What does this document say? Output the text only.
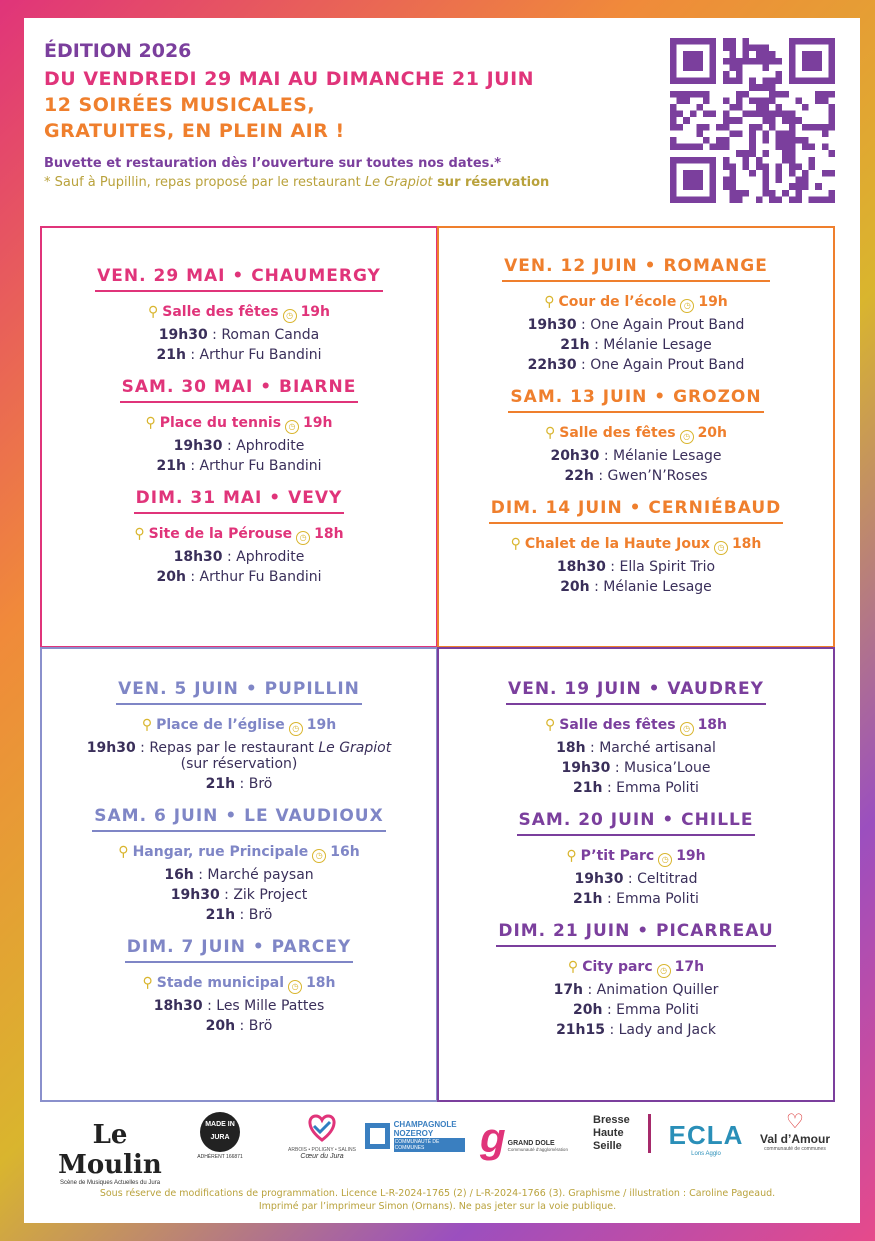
ÉDITION 2026
DU VENDREDI 29 MAI AU DIMANCHE 21 JUIN
12 SOIRÉES MUSICALES,
GRATUITES, EN PLEIN AIR !
Buvette et restauration dès l’ouverture sur toutes nos dates.*
* Sauf à Pupillin, repas proposé par le restaurant Le Grapiot sur réservation
VEN. 29 MAI • CHAUMERGY
⚲ Salle des fêtes ◷ 19h
19h30 : Roman Canda
21h : Arthur Fu Bandini
SAM. 30 MAI • BIARNE
⚲ Place du tennis ◷ 19h
19h30 : Aphrodite
21h : Arthur Fu Bandini
DIM. 31 MAI • VEVY
⚲ Site de la Pérouse ◷ 18h
18h30 : Aphrodite
20h : Arthur Fu Bandini
VEN. 12 JUIN • ROMANGE
⚲ Cour de l’école ◷ 19h
19h30 : One Again Prout Band
21h : Mélanie Lesage
22h30 : One Again Prout Band
SAM. 13 JUIN • GROZON
⚲ Salle des fêtes ◷ 20h
20h30 : Mélanie Lesage
22h : Gwen’N’Roses
DIM. 14 JUIN • CERNIÉBAUD
⚲ Chalet de la Haute Joux ◷ 18h
18h30 : Ella Spirit Trio
20h : Mélanie Lesage
VEN. 5 JUIN • PUPILLIN
⚲ Place de l’église ◷ 19h
19h30 : Repas par le restaurant Le Grapiot
(sur réservation)
21h : Brö
SAM. 6 JUIN • LE VAUDIOUX
⚲ Hangar, rue Principale ◷ 16h
16h : Marché paysan
19h30 : Zik Project
21h : Brö
DIM. 7 JUIN • PARCEY
⚲ Stade municipal ◷ 18h
18h30 : Les Mille Pattes
20h : Brö
VEN. 19 JUIN • VAUDREY
⚲ Salle des fêtes ◷ 18h
18h : Marché artisanal
19h30 : Musica’Loue
21h : Emma Politi
SAM. 20 JUIN • CHILLE
⚲ P’tit Parc ◷ 19h
19h30 : Celtitrad
21h : Emma Politi
DIM. 21 JUIN • PICARREAU
⚲ City parc ◷ 17h
17h : Animation Quiller
20h : Emma Politi
21h15 : Lady and Jack
Le Moulin
Scène de Musiques Actuelles du Jura
MADE IN JURA
ADHÉRENT 166871
ARBOIS • POLIGNY • SALINS
Cœur du Jura
CHAMPAGNOLE
NOZEROY
COMMUNAUTÉ DE COMMUNES	g GRAND DOLE
Communauté d’agglomération
Bresse
Haute
Seille	ECLA
Lons Agglo
♡
Val d’Amour
communauté de communes
Sous réserve de modifications de programmation. Licence L-R-2024-1765 (2) / L-R-2024-1766 (3). Graphisme / illustration : Caroline Pageaud.
Imprimé par l’imprimeur Simon (Ornans). Ne pas jeter sur la voie publique.
